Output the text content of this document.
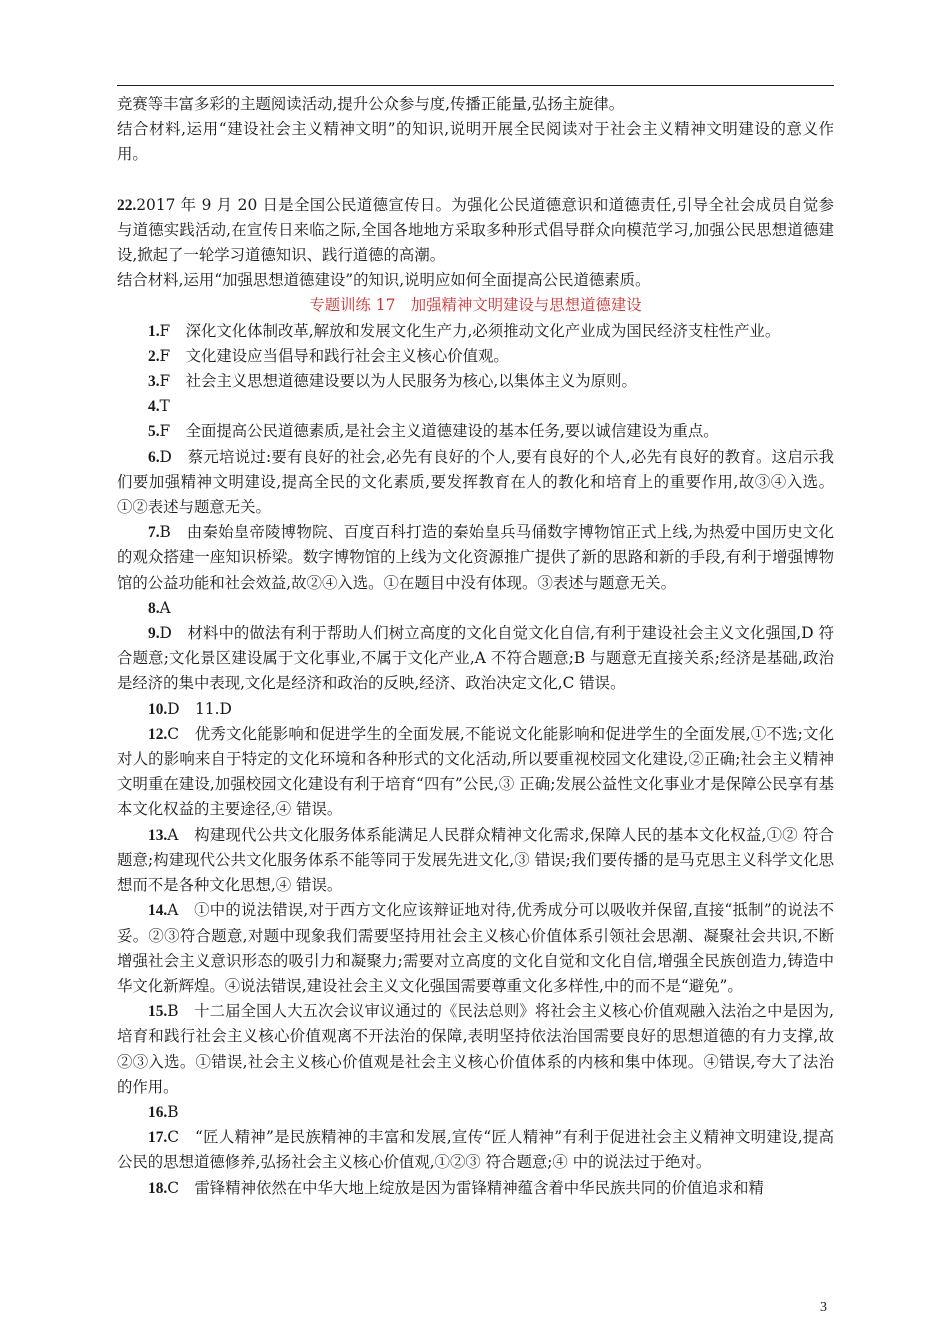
竞赛等丰富多彩的主题阅读活动,提升公众参与度,传播正能量,弘扬主旋律。

结合材料,运用“建设社会主义精神文明”的知识,说明开展全民阅读对于社会主义精神文明建设的意义作用。

22.2017 年 9 月 20 日是全国公民道德宣传日。为强化公民道德意识和道德责任,引导全社会成员自觉参与道德实践活动,在宣传日来临之际,全国各地地方采取多种形式倡导群众向模范学习,加强公民思想道德建设,掀起了一轮学习道德知识、践行道德的高潮。

结合材料,运用“加强思想道德建设”的知识,说明应如何全面提高公民道德素质。

专题训练 17　加强精神文明建设与思想道德建设

1.F　深化文化体制改革,解放和发展文化生产力,必须推动文化产业成为国民经济支柱性产业。

2.F　文化建设应当倡导和践行社会主义核心价值观。

3.F　社会主义思想道德建设要以为人民服务为核心,以集体主义为原则。

4.T

5.F　全面提高公民道德素质,是社会主义道德建设的基本任务,要以诚信建设为重点。

6.D　蔡元培说过:要有良好的社会,必先有良好的个人,要有良好的个人,必先有良好的教育。这启示我们要加强精神文明建设,提高全民的文化素质,要发挥教育在人的教化和培育上的重要作用,故③④入选。①②表述与题意无关。

7.B　由秦始皇帝陵博物院、百度百科打造的秦始皇兵马俑数字博物馆正式上线,为热爱中国历史文化的观众搭建一座知识桥梁。数字博物馆的上线为文化资源推广提供了新的思路和新的手段,有利于增强博物馆的公益功能和社会效益,故②④入选。①在题目中没有体现。③表述与题意无关。

8.A

9.D　材料中的做法有利于帮助人们树立高度的文化自觉文化自信,有利于建设社会主义文化强国,D 符合题意;文化景区建设属于文化事业,不属于文化产业,A 不符合题意;B 与题意无直接关系;经济是基础,政治是经济的集中表现,文化是经济和政治的反映,经济、政治决定文化,C 错误。

10.D　11.D

12.C　优秀文化能影响和促进学生的全面发展,不能说文化能影响和促进学生的全面发展,①不选;文化对人的影响来自于特定的文化环境和各种形式的文化活动,所以要重视校园文化建设,②正确;社会主义精神文明重在建设,加强校园文化建设有利于培育“四有”公民,③ 正确;发展公益性文化事业才是保障公民享有基本文化权益的主要途径,④ 错误。

13.A　构建现代公共文化服务体系能满足人民群众精神文化需求,保障人民的基本文化权益,①② 符合题意;构建现代公共文化服务体系不能等同于发展先进文化,③ 错误;我们要传播的是马克思主义科学文化思想而不是各种文化思想,④ 错误。

14.A　①中的说法错误,对于西方文化应该辩证地对待,优秀成分可以吸收并保留,直接“抵制”的说法不妥。②③符合题意,对题中现象我们需要坚持用社会主义核心价值体系引领社会思潮、凝聚社会共识,不断增强社会主义意识形态的吸引力和凝聚力;需要对立高度的文化自觉和文化自信,增强全民族创造力,铸造中华文化新辉煌。④说法错误,建设社会主义文化强国需要尊重文化多样性,中的而不是“避免”。

15.B　十二届全国人大五次会议审议通过的《民法总则》将社会主义核心价值观融入法治之中是因为,培育和践行社会主义核心价值观离不开法治的保障,表明坚持依法治国需要良好的思想道德的有力支撑,故②③入选。①错误,社会主义核心价值观是社会主义核心价值体系的内核和集中体现。④错误,夸大了法治的作用。

16.B

17.C　“匠人精神”是民族精神的丰富和发展,宣传“匠人精神”有利于促进社会主义精神文明建设,提高公民的思想道德修养,弘扬社会主义核心价值观,①②③ 符合题意;④ 中的说法过于绝对。

18.C　雷锋精神依然在中华大地上绽放是因为雷锋精神蕴含着中华民族共同的价值追求和精

3
